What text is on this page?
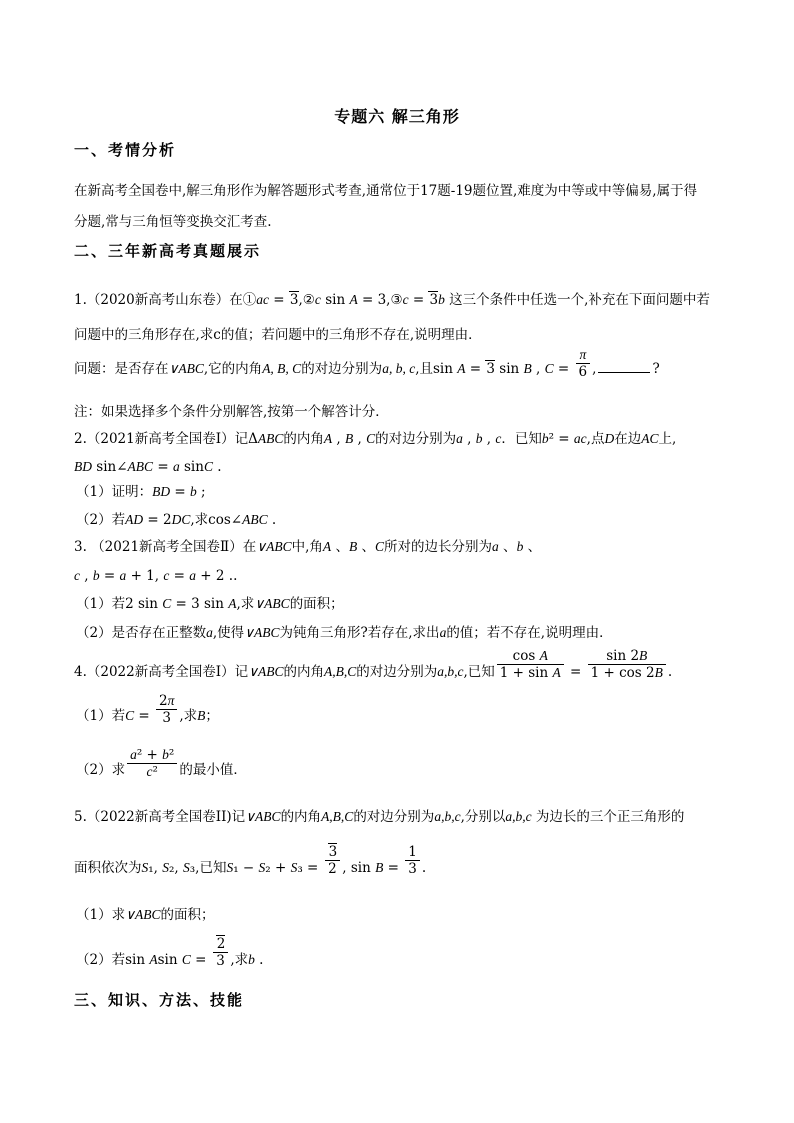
专题六 解三角形
一、考情分析
在新高考全国卷中,解三角形作为解答题形式考查,通常位于17题-19题位置,难度为中等或中等偏易,属于得
分题,常与三角恒等变换交汇考查.
二、三年新高考真题展示
1.（2020新高考山东卷）在①ac = 3,②c sin A = 3,③c = 3b 这三个条件中任选一个,补充在下面问题中若
问题中的三角形存在,求c的值；若问题中的三角形不存在,说明理由．
问题：是否存在∨ABC,它的内角A, B, C的对边分别为a, b, c,且sin A = 3 sin B , $C = \frac{\pi}{6}$ ,	?
注：如果选择多个条件分别解答,按第一个解答计分．
2.（2021新高考全国卷Ⅰ）记ΔABC的内角A , B , C的对边分别为a , b , c．已知b² = ac,点D在边AC上,
BD sin∠ABC = a sinC .
（1）证明：BD = b ;
（2）若AD = 2DC,求cos∠ABC .
3. （2021新高考全国卷Ⅱ）在∨ABC中,角A 、B 、C所对的边长分别为a 、b 、
c , b = a + 1, c = a + 2 ..
（1）若2 sin C = 3 sin A,求∨ABC的面积；
（2）是否存在正整数a,使得∨ABC为钝角三角形?若存在,求出a的值；若不存在,说明理由．
4.（2022新高考全国卷Ⅰ）记∨ABC的内角A,B,C的对边分别为a,b,c,已知 $\frac{\text{cos A}}{\text{1 + sin A}} = \frac{\sin 2B}{1 + \cos 2B}$ .
（1）若$C = \frac{2\pi}{3}$ ,求B；
（2）求 $\frac{\text{a² + b²}}{\text{c²}}$ 的最小值．
5.（2022新高考全国卷II)记∨ABC的内角A,B,C的对边分别为a,b,c,分别以a,b,c 为边长的三个正三角形的
面积依次为S₁, S₂, S₃,已知$S_1 - S_2 + S_3 = \frac{3}{2}$ , $\sin B = \frac{1}{3}$ .
（1）求∨ABC的面积；
（2）若sin Asin $C = \frac{2}{3}$ ,求b .
三、知识、方法、技能
